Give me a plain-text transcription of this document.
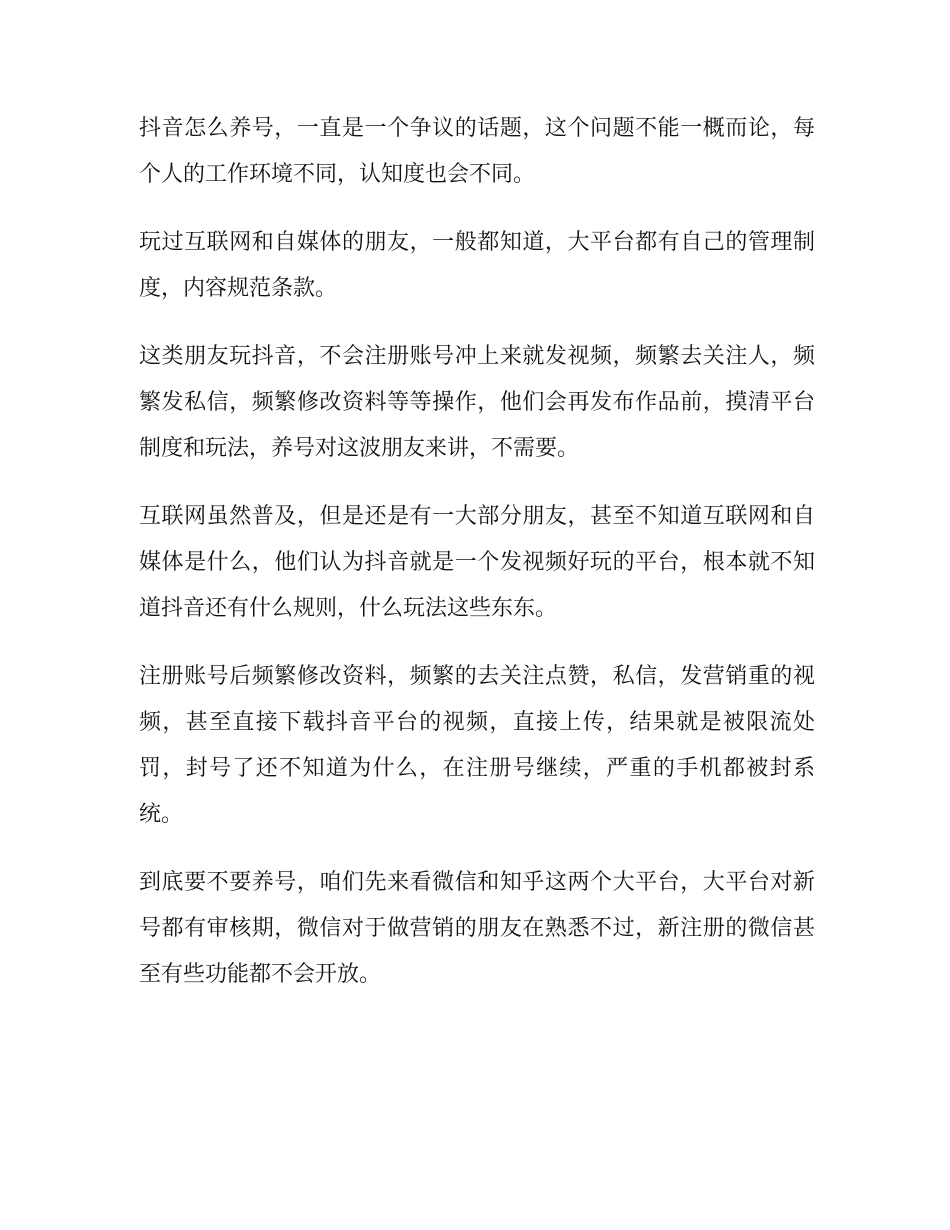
抖音怎么养号，一直是一个争议的话题，这个问题不能一概而论，每个人的工作环境不同，认知度也会不同。

玩过互联网和自媒体的朋友，一般都知道，大平台都有自己的管理制度，内容规范条款。

这类朋友玩抖音，不会注册账号冲上来就发视频，频繁去关注人，频繁发私信，频繁修改资料等等操作，他们会再发布作品前，摸清平台制度和玩法，养号对这波朋友来讲，不需要。

互联网虽然普及，但是还是有一大部分朋友，甚至不知道互联网和自媒体是什么，他们认为抖音就是一个发视频好玩的平台，根本就不知道抖音还有什么规则，什么玩法这些东东。

注册账号后频繁修改资料，频繁的去关注点赞，私信，发营销重的视频，甚至直接下载抖音平台的视频，直接上传，结果就是被限流处罚，封号了还不知道为什么，在注册号继续，严重的手机都被封系统。

到底要不要养号，咱们先来看微信和知乎这两个大平台，大平台对新号都有审核期，微信对于做营销的朋友在熟悉不过，新注册的微信甚至有些功能都不会开放。
